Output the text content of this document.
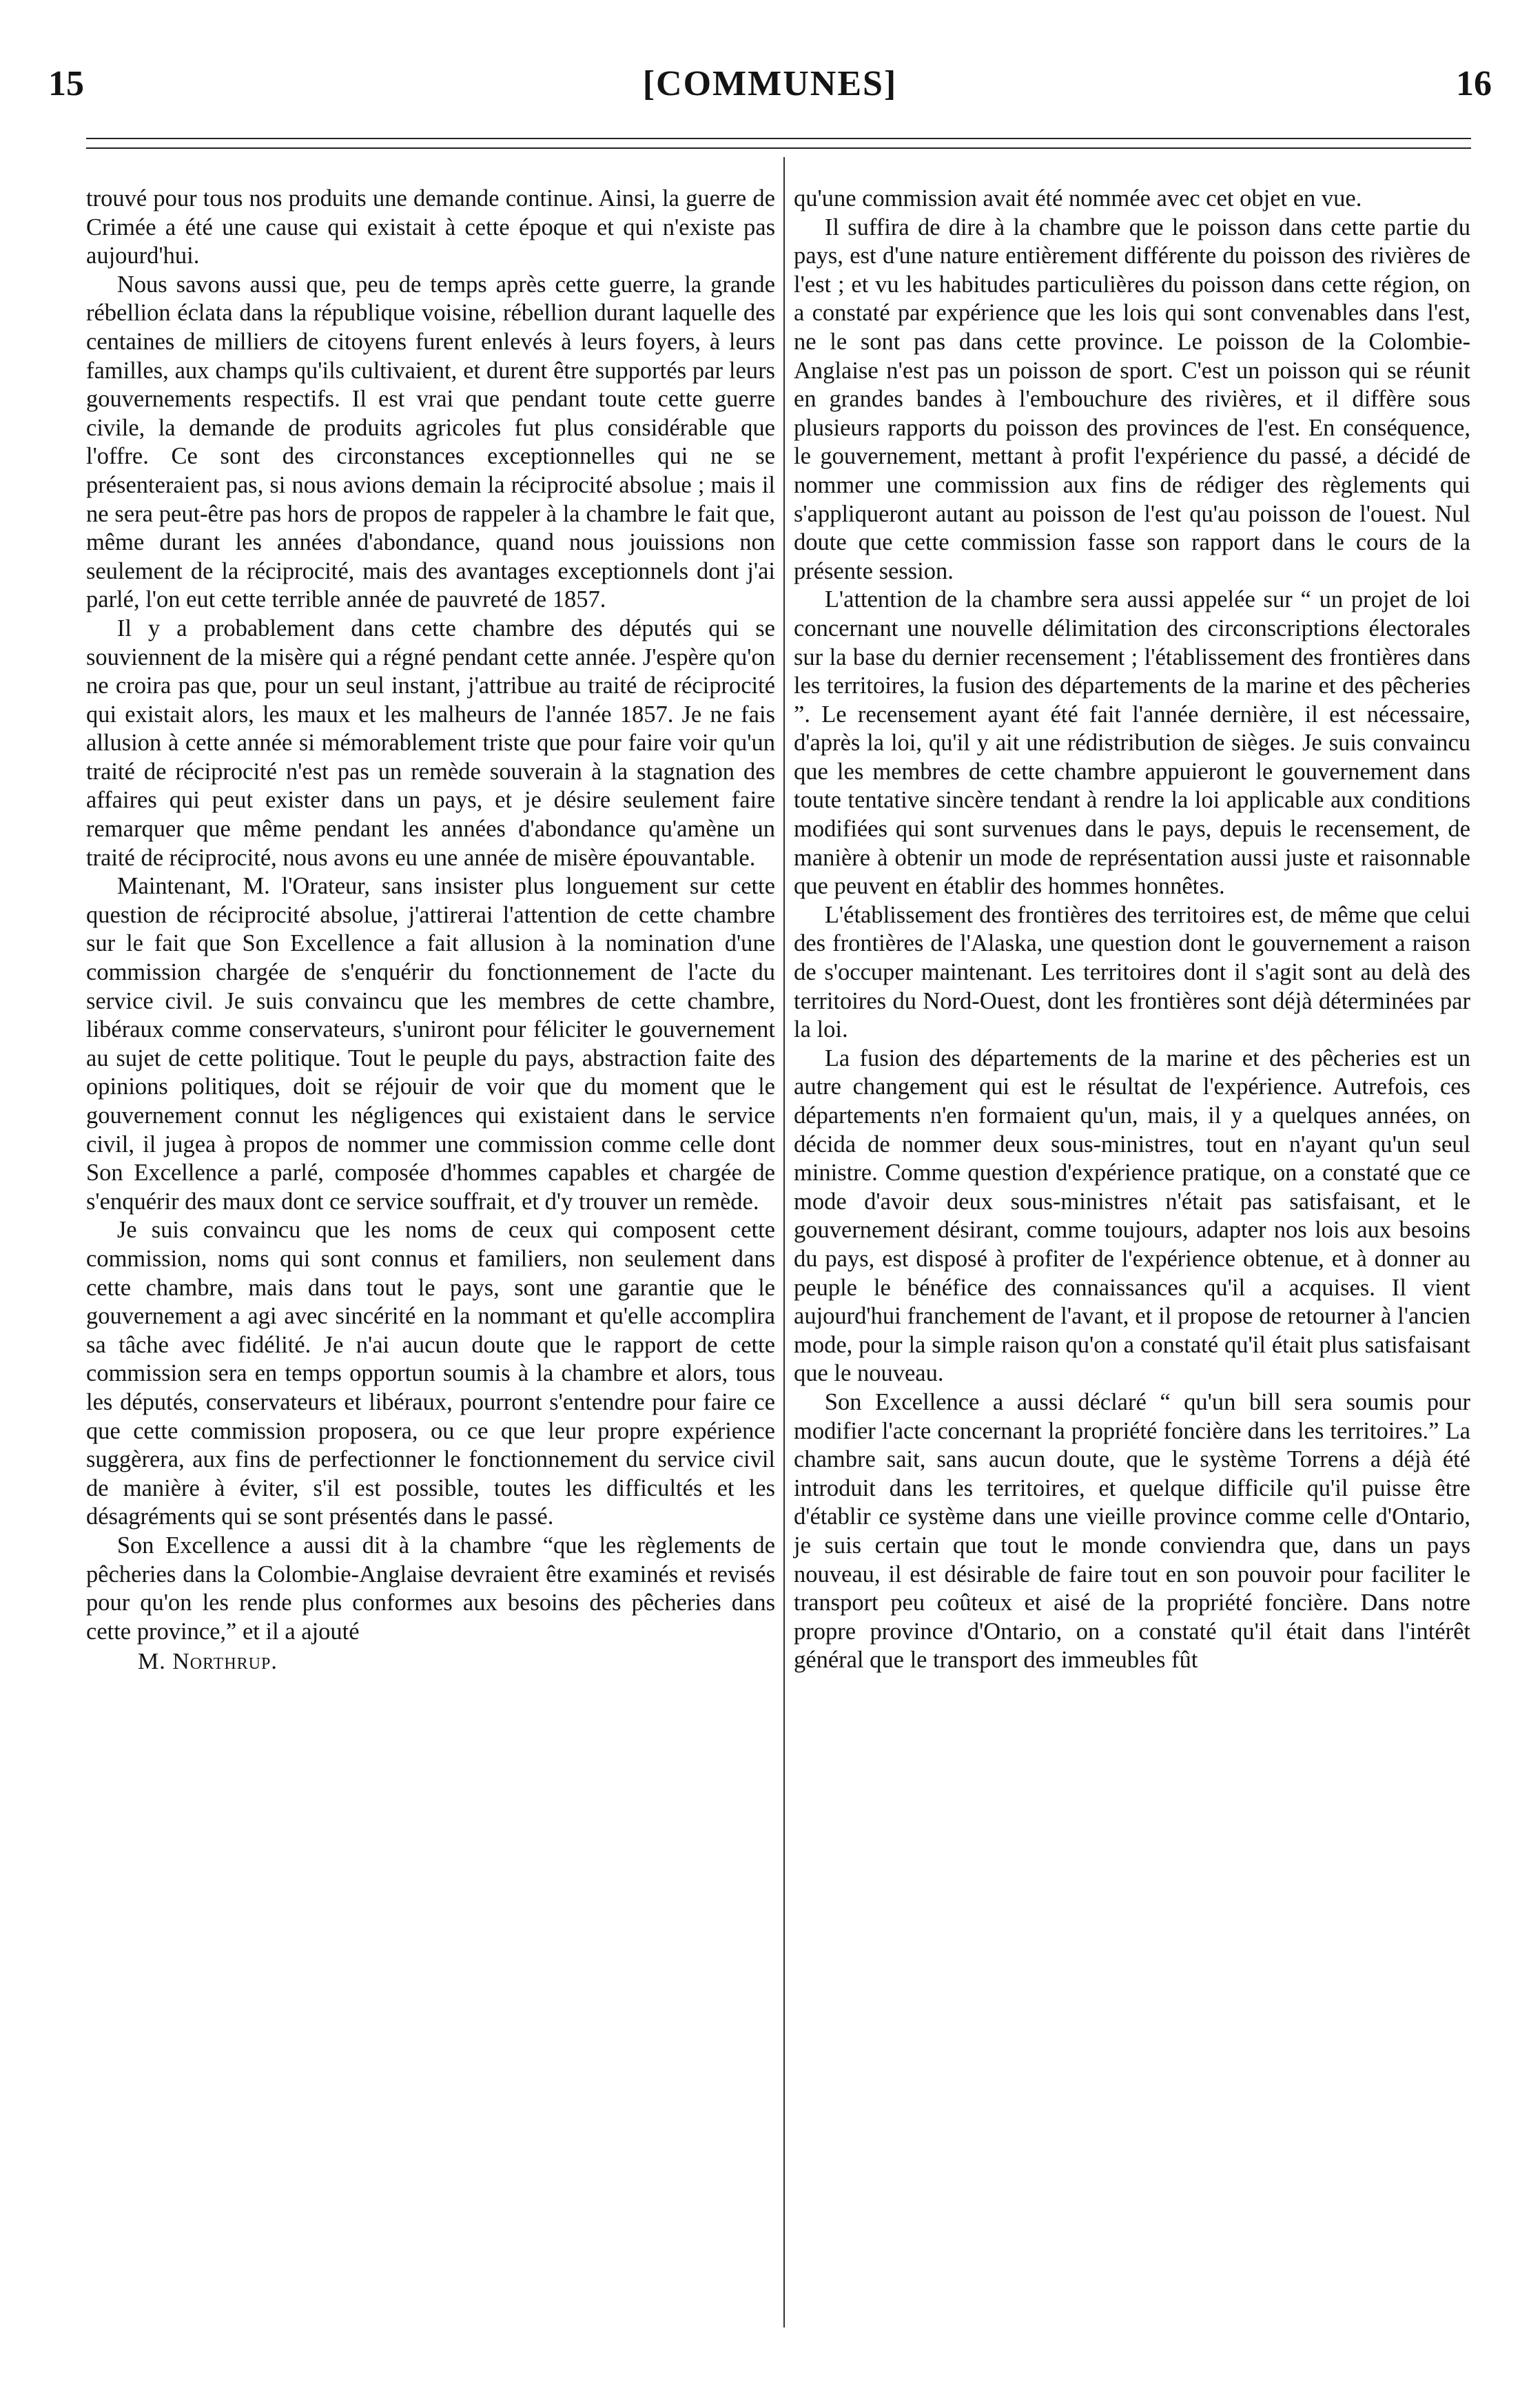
15	[COMMUNES]	16

trouvé pour tous nos produits une demande continue. Ainsi, la guerre de Crimée a été une cause qui existait à cette époque et qui n'existe pas aujourd'hui.

Nous savons aussi que, peu de temps après cette guerre, la grande rébellion éclata dans la république voisine, rébellion durant laquelle des centaines de milliers de citoyens furent enlevés à leurs foyers, à leurs familles, aux champs qu'ils cultivaient, et durent être supportés par leurs gouvernements respectifs. Il est vrai que pendant toute cette guerre civile, la demande de produits agricoles fut plus considérable que l'offre. Ce sont des circonstances exceptionnelles qui ne se présenteraient pas, si nous avions demain la réciprocité absolue ; mais il ne sera peut-être pas hors de propos de rappeler à la chambre le fait que, même durant les années d'abondance, quand nous jouissions non seulement de la réciprocité, mais des avantages exceptionnels dont j'ai parlé, l'on eut cette terrible année de pauvreté de 1857.

Il y a probablement dans cette chambre des députés qui se souviennent de la misère qui a régné pendant cette année. J'espère qu'on ne croira pas que, pour un seul instant, j'attribue au traité de réciprocité qui existait alors, les maux et les malheurs de l'année 1857. Je ne fais allusion à cette année si mémorablement triste que pour faire voir qu'un traité de réciprocité n'est pas un remède souverain à la stagnation des affaires qui peut exister dans un pays, et je désire seulement faire remarquer que même pendant les années d'abondance qu'amène un traité de réciprocité, nous avons eu une année de misère épouvantable.

Maintenant, M. l'Orateur, sans insister plus longuement sur cette question de réciprocité absolue, j'attirerai l'attention de cette chambre sur le fait que Son Excellence a fait allusion à la nomination d'une commission chargée de s'enquérir du fonctionnement de l'acte du service civil. Je suis convaincu que les membres de cette chambre, libéraux comme conservateurs, s'uniront pour féliciter le gouvernement au sujet de cette politique. Tout le peuple du pays, abstraction faite des opinions politiques, doit se réjouir de voir que du moment que le gouvernement connut les négligences qui existaient dans le service civil, il jugea à propos de nommer une commission comme celle dont Son Excellence a parlé, composée d'hommes capables et chargée de s'enquérir des maux dont ce service souffrait, et d'y trouver un remède.

Je suis convaincu que les noms de ceux qui composent cette commission, noms qui sont connus et familiers, non seulement dans cette chambre, mais dans tout le pays, sont une garantie que le gouvernement a agi avec sincérité en la nommant et qu'elle accomplira sa tâche avec fidélité. Je n'ai aucun doute que le rapport de cette commission sera en temps opportun soumis à la chambre et alors, tous les députés, conservateurs et libéraux, pourront s'entendre pour faire ce que cette commission proposera, ou ce que leur propre expérience suggèrera, aux fins de perfectionner le fonctionnement du service civil de manière à éviter, s'il est possible, toutes les difficultés et les désagréments qui se sont présentés dans le passé.

Son Excellence a aussi dit à la chambre “que les règlements de pêcheries dans la Colombie-Anglaise devraient être examinés et revisés pour qu'on les rende plus conformes aux besoins des pêcheries dans cette province,” et il a ajouté

M. Northrup.

qu'une commission avait été nommée avec cet objet en vue.

Il suffira de dire à la chambre que le poisson dans cette partie du pays, est d'une nature entièrement différente du poisson des rivières de l'est ; et vu les habitudes particulières du poisson dans cette région, on a constaté par expérience que les lois qui sont convenables dans l'est, ne le sont pas dans cette province. Le poisson de la Colombie-Anglaise n'est pas un poisson de sport. C'est un poisson qui se réunit en grandes bandes à l'embouchure des rivières, et il diffère sous plusieurs rapports du poisson des provinces de l'est. En conséquence, le gouvernement, mettant à profit l'expérience du passé, a décidé de nommer une commission aux fins de rédiger des règlements qui s'appliqueront autant au poisson de l'est qu'au poisson de l'ouest. Nul doute que cette commission fasse son rapport dans le cours de la présente session.

L'attention de la chambre sera aussi appelée sur “ un projet de loi concernant une nouvelle délimitation des circonscriptions électorales sur la base du dernier recensement ; l'établissement des frontières dans les territoires, la fusion des départements de la marine et des pêcheries ”. Le recensement ayant été fait l'année dernière, il est nécessaire, d'après la loi, qu'il y ait une rédistribution de sièges. Je suis convaincu que les membres de cette chambre appuieront le gouvernement dans toute tentative sincère tendant à rendre la loi applicable aux conditions modifiées qui sont survenues dans le pays, depuis le recensement, de manière à obtenir un mode de représentation aussi juste et raisonnable que peuvent en établir des hommes honnêtes.

L'établissement des frontières des territoires est, de même que celui des frontières de l'Alaska, une question dont le gouvernement a raison de s'occuper maintenant. Les territoires dont il s'agit sont au delà des territoires du Nord-Ouest, dont les frontières sont déjà déterminées par la loi.

La fusion des départements de la marine et des pêcheries est un autre changement qui est le résultat de l'expérience. Autrefois, ces départements n'en formaient qu'un, mais, il y a quelques années, on décida de nommer deux sous-ministres, tout en n'ayant qu'un seul ministre. Comme question d'expérience pratique, on a constaté que ce mode d'avoir deux sous-ministres n'était pas satisfaisant, et le gouvernement désirant, comme toujours, adapter nos lois aux besoins du pays, est disposé à profiter de l'expérience obtenue, et à donner au peuple le bénéfice des connaissances qu'il a acquises. Il vient aujourd'hui franchement de l'avant, et il propose de retourner à l'ancien mode, pour la simple raison qu'on a constaté qu'il était plus satisfaisant que le nouveau.

Son Excellence a aussi déclaré “ qu'un bill sera soumis pour modifier l'acte concernant la propriété foncière dans les territoires.” La chambre sait, sans aucun doute, que le système Torrens a déjà été introduit dans les territoires, et quelque difficile qu'il puisse être d'établir ce système dans une vieille province comme celle d'Ontario, je suis certain que tout le monde conviendra que, dans un pays nouveau, il est désirable de faire tout en son pouvoir pour faciliter le transport peu coûteux et aisé de la propriété foncière. Dans notre propre province d'Ontario, on a constaté qu'il était dans l'intérêt général que le transport des immeubles fût
